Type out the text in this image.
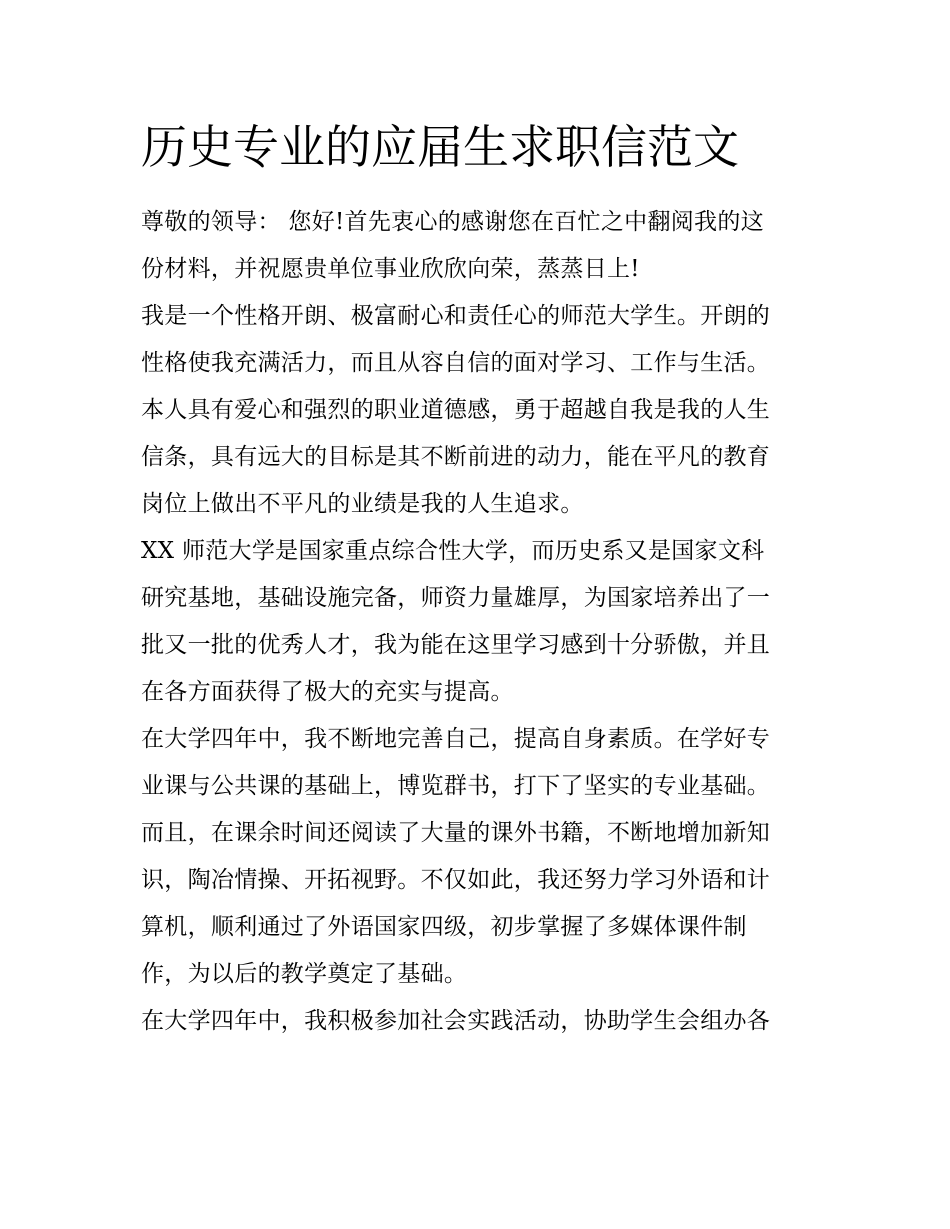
历史专业的应届生求职信范文

尊敬的领导： 您好!首先衷心的感谢您在百忙之中翻阅我的这
份材料，并祝愿贵单位事业欣欣向荣，蒸蒸日上!

我是一个性格开朗、极富耐心和责任心的师范大学生。开朗的
性格使我充满活力，而且从容自信的面对学习、工作与生活。
本人具有爱心和强烈的职业道德感，勇于超越自我是我的人生
信条，具有远大的目标是其不断前进的动力，能在平凡的教育
岗位上做出不平凡的业绩是我的人生追求。

XX 师范大学是国家重点综合性大学，而历史系又是国家文科
研究基地，基础设施完备，师资力量雄厚，为国家培养出了一
批又一批的优秀人才，我为能在这里学习感到十分骄傲，并且
在各方面获得了极大的充实与提高。

在大学四年中，我不断地完善自己，提高自身素质。在学好专
业课与公共课的基础上，博览群书，打下了坚实的专业基础。
而且，在课余时间还阅读了大量的课外书籍，不断地增加新知
识，陶冶情操、开拓视野。不仅如此，我还努力学习外语和计
算机，顺利通过了外语国家四级，初步掌握了多媒体课件制
作，为以后的教学奠定了基础。

在大学四年中，我积极参加社会实践活动，协助学生会组办各
